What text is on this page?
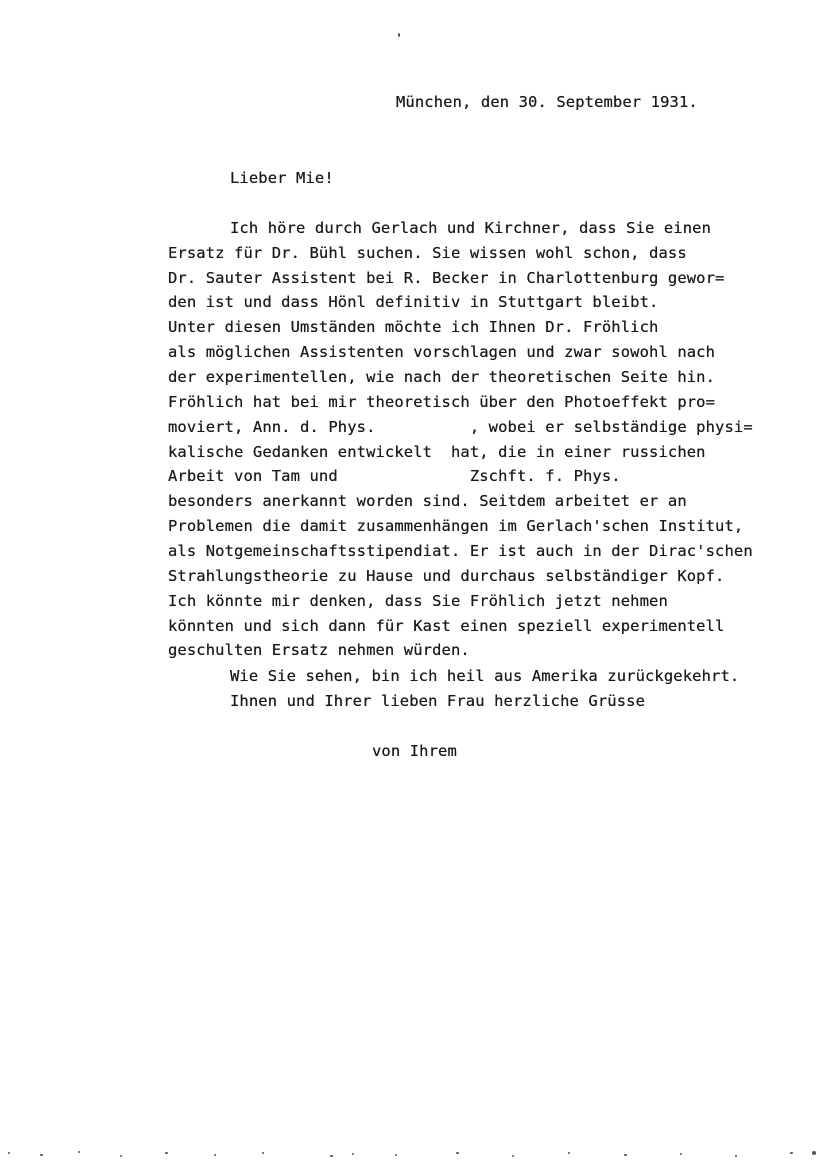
München, den 30. September 1931.
Lieber Mie!
Ich höre durch Gerlach und Kirchner, dass Sie einen
Ersatz für Dr. Bühl suchen. Sie wissen wohl schon, dass
Dr. Sauter Assistent bei R. Becker in Charlottenburg gewor=
den ist und dass Hönl definitiv in Stuttgart bleibt.
Unter diesen Umständen möchte ich Ihnen Dr. Fröhlich
als möglichen Assistenten vorschlagen und zwar sowohl nach
der experimentellen, wie nach der theoretischen Seite hin.
Fröhlich hat bei mir theoretisch über den Photoeffekt pro=
moviert, Ann. d. Phys.          , wobei er selbständige physi=
kalische Gedanken entwickelt  hat, die in einer russichen
Arbeit von Tam und              Zschft. f. Phys.
besonders anerkannt worden sind. Seitdem arbeitet er an
Problemen die damit zusammenhängen im Gerlach'schen Institut,
als Notgemeinschaftsstipendiat. Er ist auch in der Dirac'schen
Strahlungstheorie zu Hause und durchaus selbständiger Kopf.
Ich könnte mir denken, dass Sie Fröhlich jetzt nehmen
könnten und sich dann für Kast einen speziell experimentell
geschulten Ersatz nehmen würden.
Wie Sie sehen, bin ich heil aus Amerika zurückgekehrt.
Ihnen und Ihrer lieben Frau herzliche Grüsse
von Ihrem
